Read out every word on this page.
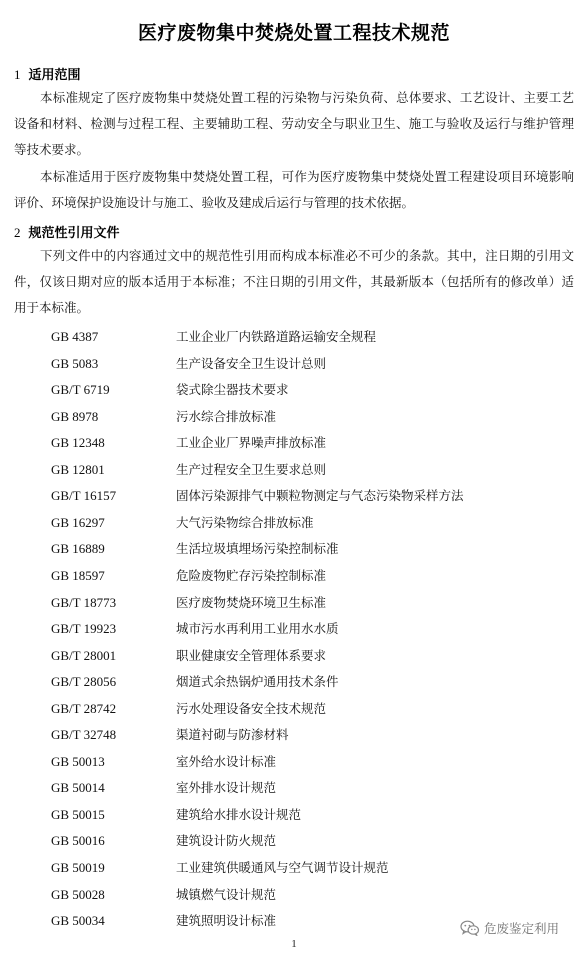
医疗废物集中焚烧处置工程技术规范
1 适用范围

本标准规定了医疗废物集中焚烧处置工程的污染物与污染负荷、总体要求、工艺设计、主要工艺设备和材料、检测与过程工程、主要辅助工程、劳动安全与职业卫生、施工与验收及运行与维护管理等技术要求。

本标准适用于医疗废物集中焚烧处置工程，可作为医疗废物集中焚烧处置工程建设项目环境影响评价、环境保护设施设计与施工、验收及建成后运行与管理的技术依据。

2 规范性引用文件

下列文件中的内容通过文中的规范性引用而构成本标准必不可少的条款。其中，注日期的引用文件，仅该日期对应的版本适用于本标准；不注日期的引用文件，其最新版本（包括所有的修改单）适用于本标准。

GB 4387	工业企业厂内铁路道路运输安全规程
GB 5083	生产设备安全卫生设计总则
GB/T 6719	袋式除尘器技术要求
GB 8978	污水综合排放标准
GB 12348	工业企业厂界噪声排放标准
GB 12801	生产过程安全卫生要求总则
GB/T 16157	固体污染源排气中颗粒物测定与气态污染物采样方法
GB 16297	大气污染物综合排放标准
GB 16889	生活垃圾填埋场污染控制标准
GB 18597	危险废物贮存污染控制标准
GB/T 18773	医疗废物焚烧环境卫生标准
GB/T 19923	城市污水再利用工业用水水质
GB/T 28001	职业健康安全管理体系要求
GB/T 28056	烟道式余热锅炉通用技术条件
GB/T 28742	污水处理设备安全技术规范
GB/T 32748	渠道衬砌与防渗材料
GB 50013	室外给水设计标准
GB 50014	室外排水设计规范
GB 50015	建筑给水排水设计规范
GB 50016	建筑设计防火规范
GB 50019	工业建筑供暖通风与空气调节设计规范
GB 50028	城镇燃气设计规范
GB 50034	建筑照明设计标准
1
危废鉴定利用
